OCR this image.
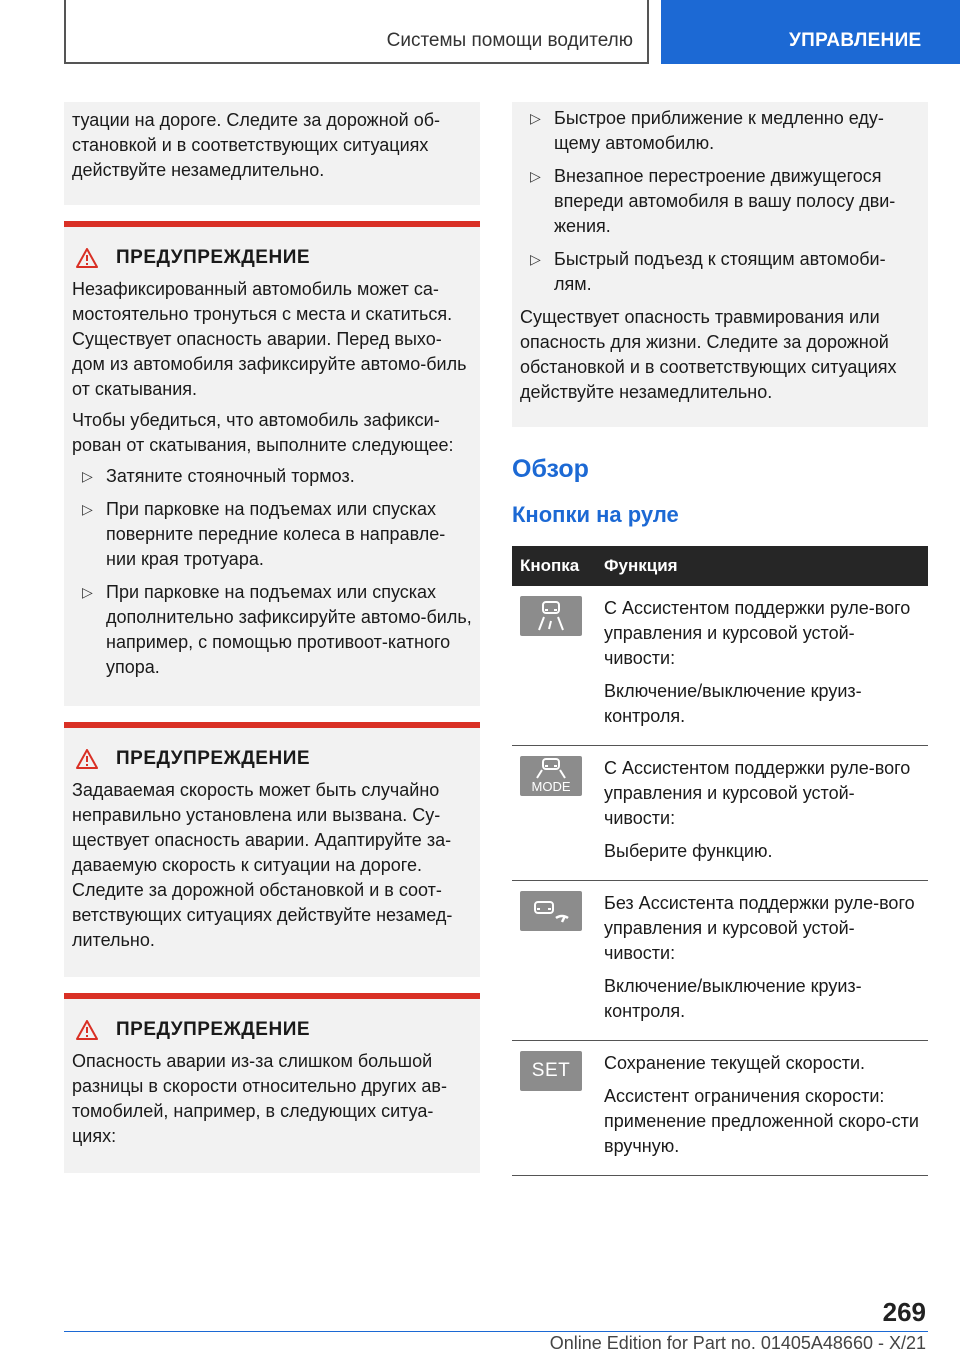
Системы помощи водителю	УПРАВЛЕНИЕ

туации на дороге. Следите за дорожной об-становкой и в соответствующих ситуациях действуйте незамедлительно.

ПРЕДУПРЕЖДЕНИЕ

Незафиксированный автомобиль может са-мостоятельно тронуться с места и скатиться. Существует опасность аварии. Перед выхо-дом из автомобиля зафиксируйте автомо-биль от скатывания.

Чтобы убедиться, что автомобиль зафикси-рован от скатывания, выполните следующее:

▷ Затяните стояночный тормоз.
▷ При парковке на подъемах или спусках поверните передние колеса в направле-нии края тротуара.
▷ При парковке на подъемах или спусках дополнительно зафиксируйте автомо-биль, например, с помощью противоот-катного упора.
ПРЕДУПРЕЖДЕНИЕ

Задаваемая скорость может быть случайно неправильно установлена или вызвана. Су-ществует опасность аварии. Адаптируйте за-даваемую скорость к ситуации на дороге. Следите за дорожной обстановкой и в соот-ветствующих ситуациях действуйте незамед-лительно.

ПРЕДУПРЕЖДЕНИЕ

Опасность аварии из-за слишком большой разницы в скорости относительно других ав-томобилей, например, в следующих ситуа-циях:

▷ Быстрое приближение к медленно еду-щему автомобилю.
▷ Внезапное перестроение движущегося впереди автомобиля в вашу полосу дви-жения.
▷ Быстрый подъезд к стоящим автомоби-лям.

Существует опасность травмирования или опасность для жизни. Следите за дорожной обстановкой и в соответствующих ситуациях действуйте незамедлительно.

Обзор
Кнопки на руле
Кнопка	Функция

С Ассистентом поддержки руле-вого управления и курсовой устой-чивости:

Включение/выключение круиз-контроля.

MODE	С Ассистентом поддержки руле-вого управления и курсовой устой-чивости:

Выберите функцию.

Без Ассистента поддержки руле-вого управления и курсовой устой-чивости:

Включение/выключение круиз-контроля.

SET	Сохранение текущей скорости.

Ассистент ограничения скорости: применение предложенной скоро-сти вручную.

269
Online Edition for Part no. 01405A48660 - X/21
